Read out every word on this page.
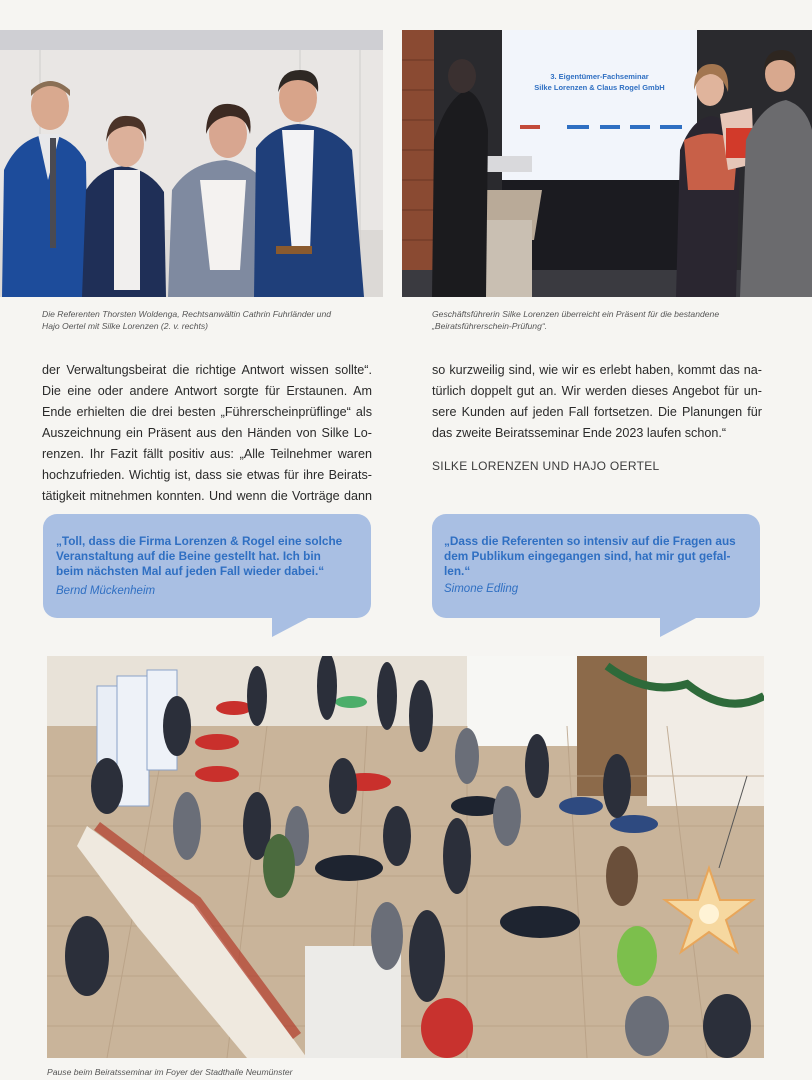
Die Referenten Thorsten Woldenga, Rechtsanwältin Cathrin Fuhrländer und
Hajo Oertel mit Silke Lorenzen (2. v. rechts)
3. Eigentümer-Fachseminar
Silke Lorenzen & Claus Rogel GmbH
Geschäftsführerin Silke Lorenzen überreicht ein Präsent für die bestandene
„Beiratsführerschein-Prüfung“.
der Verwaltungsbeirat die richtige Antwort wissen sollte“.
Die eine oder andere Antwort sorgte für Erstaunen. Am
Ende erhielten die drei besten „Führerscheinprüflinge“ als
Auszeichnung ein Präsent aus den Händen von Silke Lo-
renzen. Ihr Fazit fällt positiv aus: „Alle Teilnehmer waren
hochzufrieden. Wichtig ist, dass sie etwas für ihre Beirats-
tätigkeit mitnehmen konnten. Und wenn die Vorträge dann
so kurzweilig sind, wie wir es erlebt haben, kommt das na-
türlich doppelt gut an. Wir werden dieses Angebot für un-
sere Kunden auf jeden Fall fortsetzen. Die Planungen für
das zweite Beiratsseminar Ende 2023 laufen schon.“
SILKE LORENZEN UND HAJO OERTEL
„Toll, dass die Firma Lorenzen & Rogel eine solche
Veranstaltung auf die Beine gestellt hat. Ich bin
beim nächsten Mal auf jeden Fall wieder dabei.“
Bernd Mückenheim
„Dass die Referenten so intensiv auf die Fragen aus
dem Publikum eingegangen sind, hat mir gut gefal-
len.“
Simone Edling
Pause beim Beiratsseminar im Foyer der Stadthalle Neumünster
